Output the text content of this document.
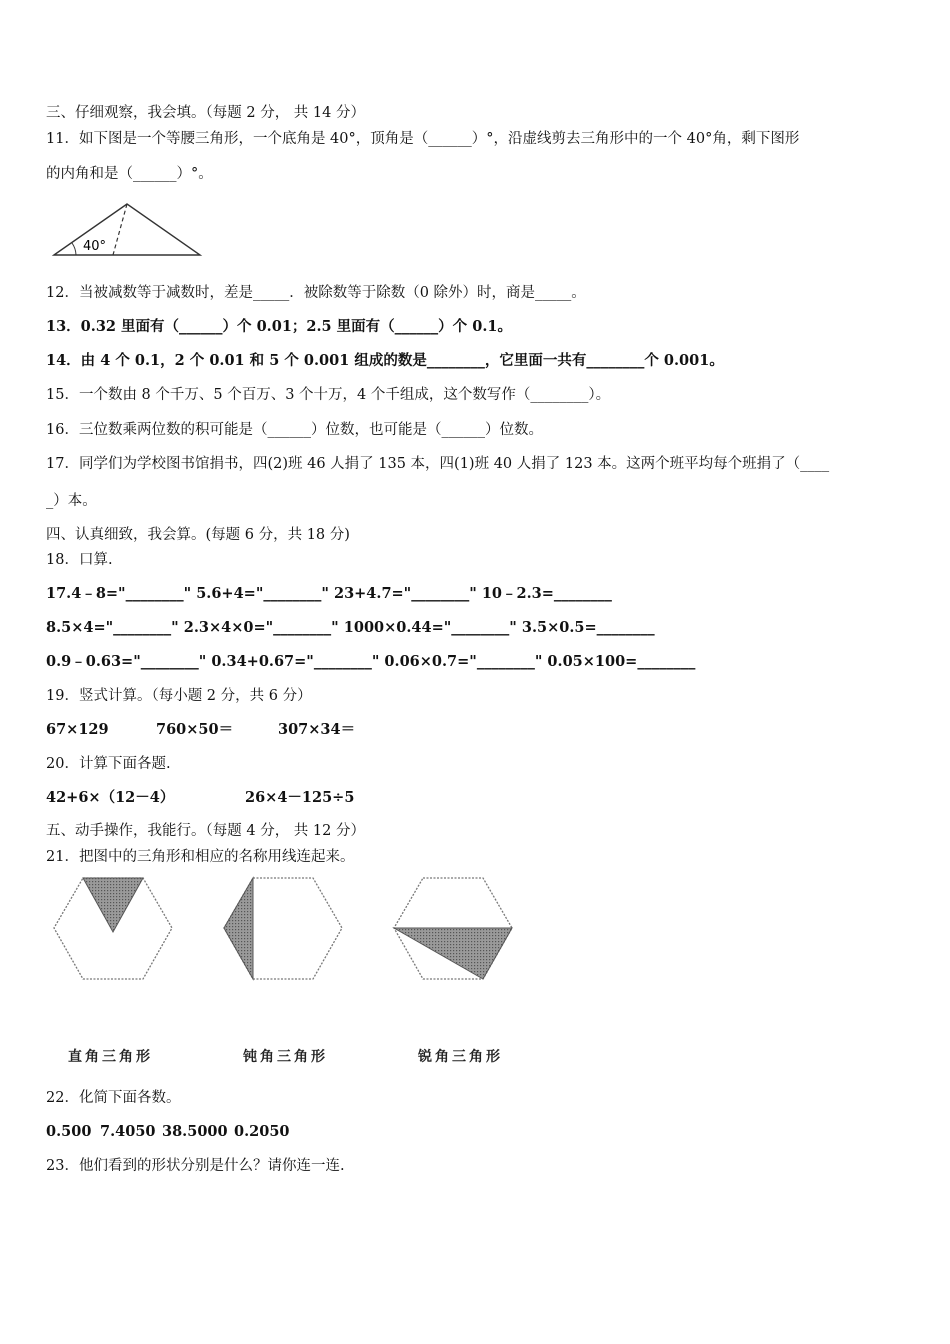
三、仔细观察，我会填。（每题 2 分， 共 14 分）
11．如下图是一个等腰三角形，一个底角是 40°，顶角是（______）°，沿虚线剪去三角形中的一个 40°角，剩下图形
的内角和是（______）°。
40°
12．当被减数等于减数时，差是_____．被除数等于除数（0 除外）时，商是_____。
13．0.32 里面有（______）个 0.01；2.5 里面有（______）个 0.1。
14．由 4 个 0.1，2 个 0.01 和 5 个 0.001 组成的数是________，它里面一共有________个 0.001。
15．一个数由 8 个千万、5 个百万、3 个十万，4 个千组成，这个数写作（________）。
16．三位数乘两位数的积可能是（______）位数，也可能是（______）位数。
17．同学们为学校图书馆捐书，四(2)班 46 人捐了 135 本，四(1)班 40 人捐了 123 本。这两个班平均每个班捐了（____
_）本。
四、认真细致，我会算。(每题 6 分，共 18 分)
18．口算.
17.4﹣8="________" 5.6+4="________" 23+4.7="________" 10﹣2.3=________
8.5×4="________" 2.3×4×0="________" 1000×0.44="________" 3.5×0.5=________
0.9﹣0.63="________" 0.34+0.67="________" 0.06×0.7="________" 0.05×100=________
19．竖式计算。（每小题 2 分，共 6 分）
67×129	760×50＝	307×34＝
20．计算下面各题.
42+6×（12－4）	26×4－125÷5
五、动手操作，我能行。（每题 4 分， 共 12 分）
21．把图中的三角形和相应的名称用线连起来。
直角三角形	钝角三角形	锐角三角形
22．化简下面各数。
0.500 7.4050 38.5000 0.2050
23．他们看到的形状分别是什么？请你连一连.
